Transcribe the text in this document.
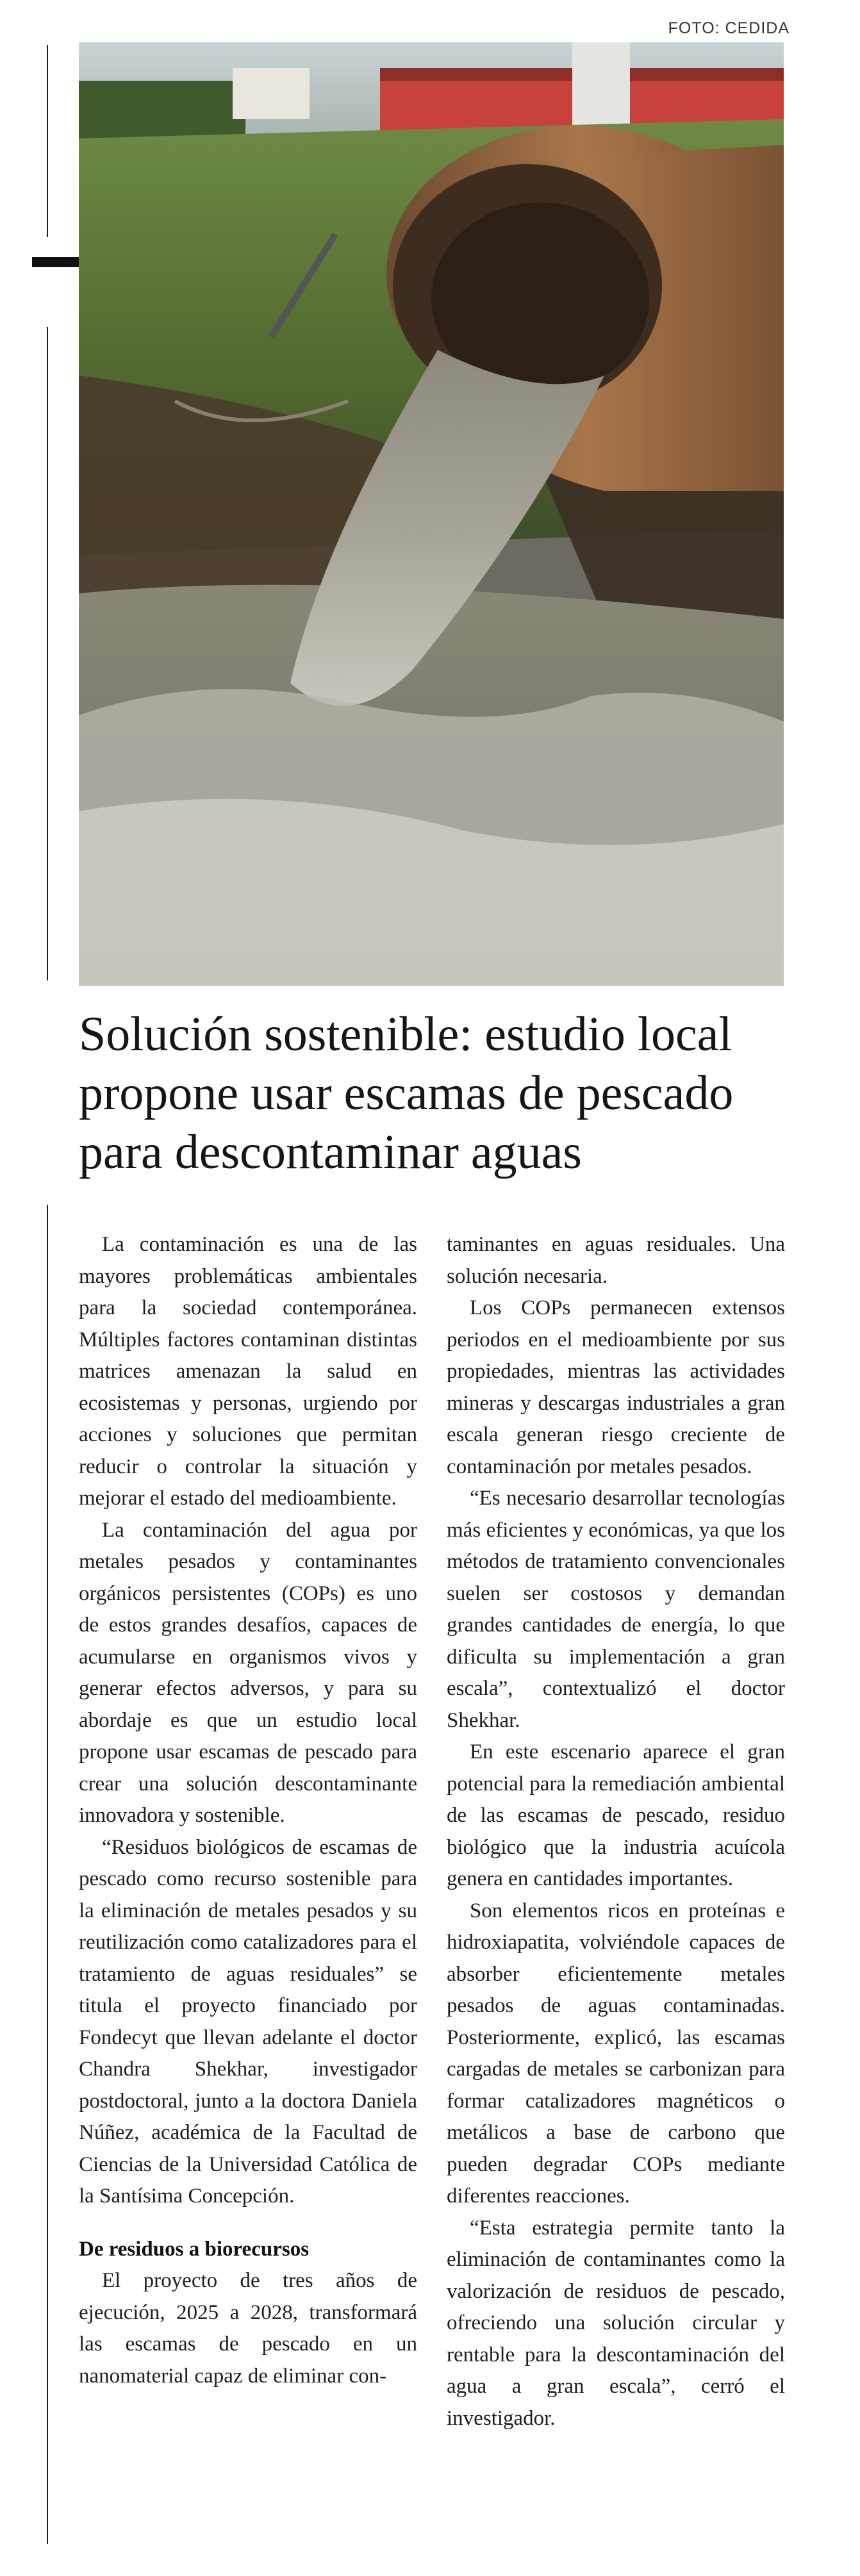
FOTO: CEDIDA
Solución sostenible: estudio local
propone usar escamas de pescado
para descontaminar aguas

La contaminación es una de las mayores problemáticas ambientales para la sociedad contemporánea. Múltiples factores contaminan distintas matrices amenazan la salud en ecosistemas y personas, urgiendo por acciones y soluciones que permitan reducir o controlar la situación y mejorar el estado del medioambiente.

La contaminación del agua por metales pesados y contaminantes orgánicos persistentes (COPs) es uno de estos grandes desafíos, capaces de acumularse en organismos vivos y generar efectos adversos, y para su abordaje es que un estudio local propone usar escamas de pescado para crear una solución descontaminante innovadora y sostenible.

“Residuos biológicos de escamas de pescado como recurso sostenible para la eliminación de metales pesados y su reutilización como catalizadores para el tratamiento de aguas residuales” se titula el proyecto financiado por Fondecyt que llevan adelante el doctor Chandra Shekhar, investigador postdoctoral, junto a la doctora Daniela Núñez, académica de la Facultad de Ciencias de la Universidad Católica de la Santísima Concepción.

De residuos a biorecursos

El proyecto de tres años de ejecución, 2025 a 2028, transformará las escamas de pescado en un nanomaterial capaz de eliminar con-

taminantes en aguas residuales. Una solución necesaria.

Los COPs permanecen extensos periodos en el medioambiente por sus propiedades, mientras las actividades mineras y descargas industriales a gran escala generan riesgo creciente de contaminación por metales pesados.

“Es necesario desarrollar tecnologías más eficientes y económicas, ya que los métodos de tratamiento convencionales suelen ser costosos y demandan grandes cantidades de energía, lo que dificulta su implementación a gran escala”, contextualizó el doctor Shekhar.

En este escenario aparece el gran potencial para la remediación ambiental de las escamas de pescado, residuo biológico que la industria acuícola genera en cantidades importantes.

Son elementos ricos en proteínas e hidroxiapatita, volviéndole capaces de absorber eficientemente metales pesados de aguas contaminadas. Posteriormente, explicó, las escamas cargadas de metales se carbonizan para formar catalizadores magnéticos o metálicos a base de carbono que pueden degradar COPs mediante diferentes reacciones.

“Esta estrategia permite tanto la eliminación de contaminantes como la valorización de residuos de pescado, ofreciendo una solución circular y rentable para la descontaminación del agua a gran escala”, cerró el investigador.
